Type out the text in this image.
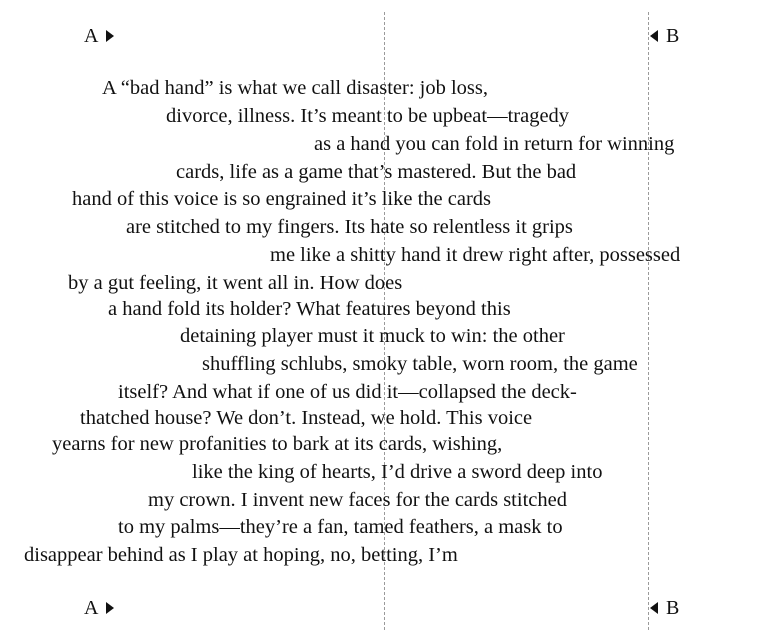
A	B

A “bad hand” is what we call disaster: job loss,

divorce, illness. It’s meant to be upbeat—tragedy

as a hand you can fold in return for winning

cards, life as a game that’s mastered. But the bad

hand of this voice is so engrained it’s like the cards

are stitched to my fingers. Its hate so relentless it grips

me like a shitty hand it drew right after, possessed

by a gut feeling, it went all in. How does

a hand fold its holder? What features beyond this

detaining player must it muck to win: the other

shuffling schlubs, smoky table, worn room, the game

itself? And what if one of us did it—collapsed the deck-

thatched house? We don’t. Instead, we hold. This voice

yearns for new profanities to bark at its cards, wishing,

like the king of hearts, I’d drive a sword deep into

my crown. I invent new faces for the cards stitched

to my palms—they’re a fan, tamed feathers, a mask to

disappear behind as I play at hoping, no, betting, I’m

A	B
